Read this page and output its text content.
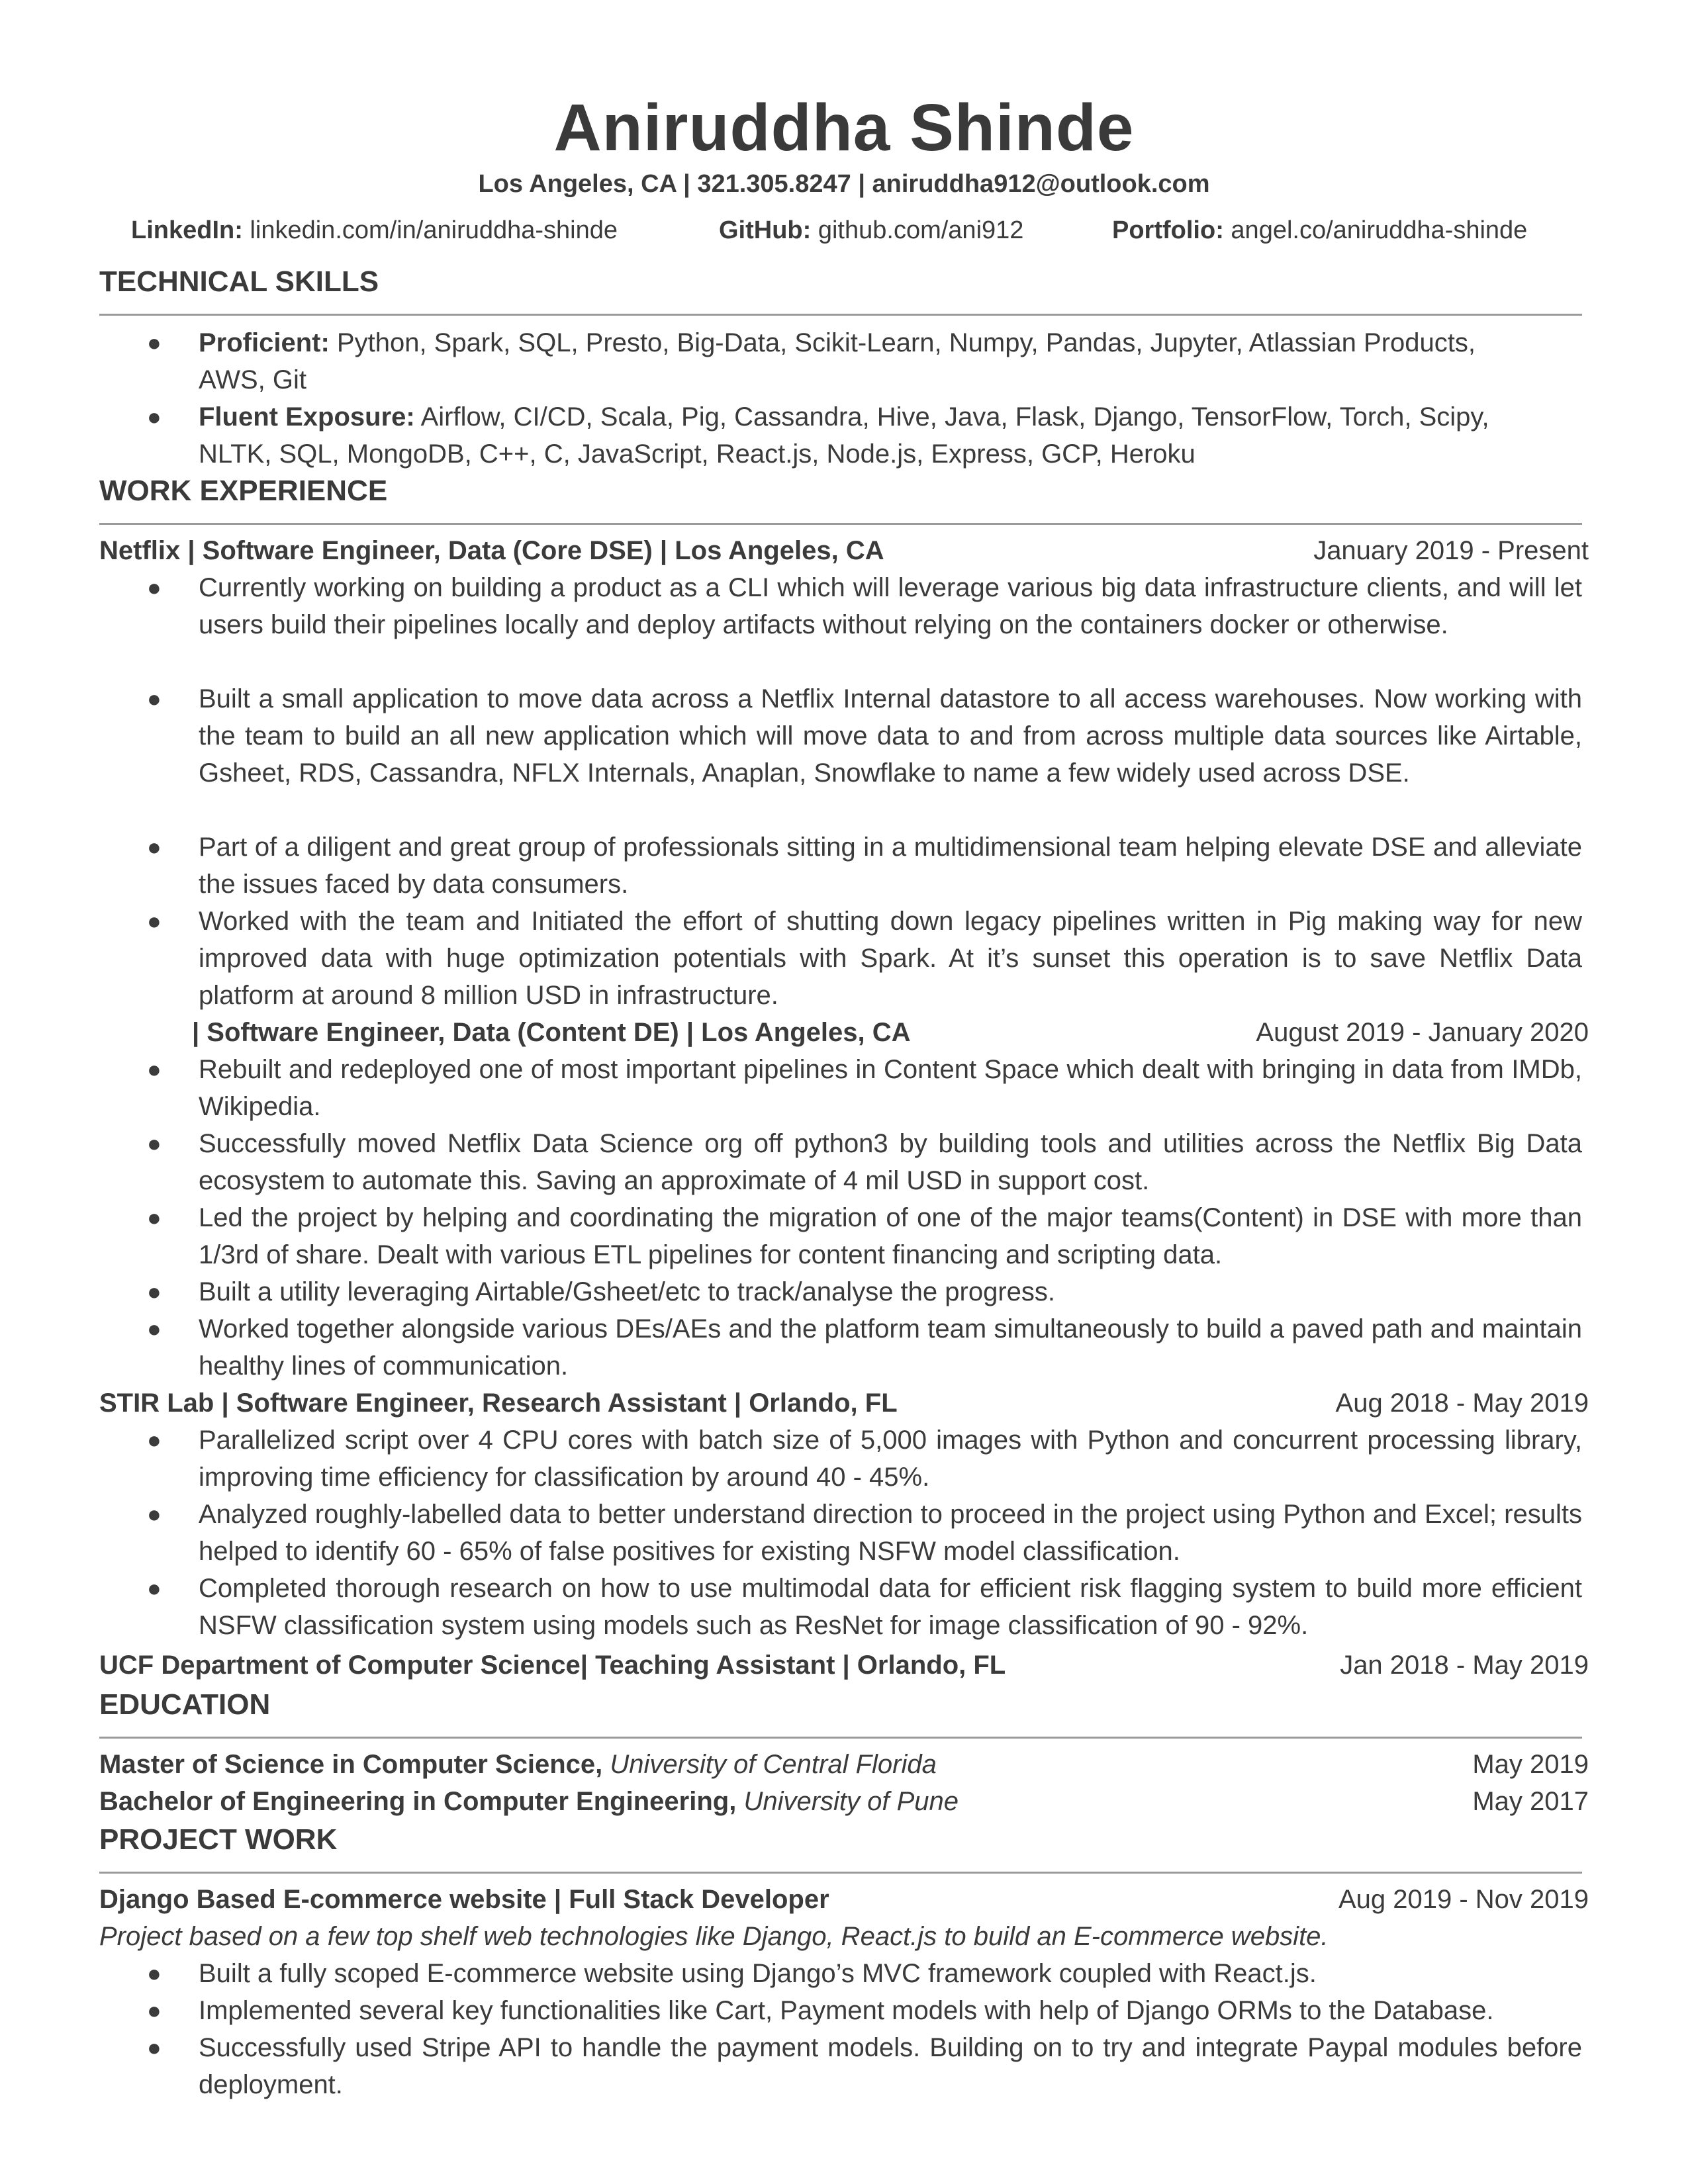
Aniruddha Shinde
Los Angeles, CA | 321.305.8247 | aniruddha912@outlook.com
LinkedIn: linkedin.com/in/aniruddha-shinde	GitHub: github.com/ani912	Portfolio: angel.co/aniruddha-shinde
TECHNICAL SKILLS
● Proficient: Python, Spark, SQL, Presto, Big-Data, Scikit-Learn, Numpy, Pandas, Jupyter, Atlassian Products,
AWS, Git
● Fluent Exposure: Airflow, CI/CD, Scala, Pig, Cassandra, Hive, Java, Flask, Django, TensorFlow, Torch, Scipy,
NLTK, SQL, MongoDB, C++, C, JavaScript, React.js, Node.js, Express, GCP, Heroku
WORK EXPERIENCE
Netflix | Software Engineer, Data (Core DSE) | Los Angeles, CA	January 2019 - Present
● Currently working on building a product as a CLI which will leverage various big data infrastructure clients, and will let users build their pipelines locally and deploy artifacts without relying on the containers docker or otherwise.
● Built a small application to move data across a Netflix Internal datastore to all access warehouses. Now working with the team to build an all new application which will move data to and from across multiple data sources like Airtable, Gsheet, RDS, Cassandra, NFLX Internals, Anaplan, Snowflake to name a few widely used across DSE.
● Part of a diligent and great group of professionals sitting in a multidimensional team helping elevate DSE and alleviate the issues faced by data consumers.
● Worked with the team and Initiated the effort of shutting down legacy pipelines written in Pig making way for new improved data with huge optimization potentials with Spark. At it’s sunset this operation is to save Netflix Data platform at around 8 million USD in infrastructure.
| Software Engineer, Data (Content DE) | Los Angeles, CA	August 2019 - January 2020
● Rebuilt and redeployed one of most important pipelines in Content Space which dealt with bringing in data from IMDb, Wikipedia.
● Successfully moved Netflix Data Science org off python3 by building tools and utilities across the Netflix Big Data ecosystem to automate this. Saving an approximate of 4 mil USD in support cost.
● Led the project by helping and coordinating the migration of one of the major teams(Content) in DSE with more than 1/3rd of share. Dealt with various ETL pipelines for content financing and scripting data.
● Built a utility leveraging Airtable/Gsheet/etc to track/analyse the progress.
● Worked together alongside various DEs/AEs and the platform team simultaneously to build a paved path and maintain healthy lines of communication.
STIR Lab | Software Engineer, Research Assistant | Orlando, FL	Aug 2018 - May 2019
● Parallelized script over 4 CPU cores with batch size of 5,000 images with Python and concurrent processing library, improving time efficiency for classification by around 40 - 45%.
● Analyzed roughly-labelled data to better understand direction to proceed in the project using Python and Excel; results helped to identify 60 - 65% of false positives for existing NSFW model classification.
● Completed thorough research on how to use multimodal data for efficient risk flagging system to build more efficient NSFW classification system using models such as ResNet for image classification of 90 - 92%.
UCF Department of Computer Science| Teaching Assistant | Orlando, FL	Jan 2018 - May 2019
EDUCATION
Master of Science in Computer Science, University of Central Florida	May 2019
Bachelor of Engineering in Computer Engineering, University of Pune	May 2017
PROJECT WORK
Django Based E-commerce website | Full Stack Developer	Aug 2019 - Nov 2019
Project based on a few top shelf web technologies like Django, React.js to build an E-commerce website.
● Built a fully scoped E-commerce website using Django’s MVC framework coupled with React.js.
● Implemented several key functionalities like Cart, Payment models with help of Django ORMs to the Database.
● Successfully used Stripe API to handle the payment models. Building on to try and integrate Paypal modules before deployment.
